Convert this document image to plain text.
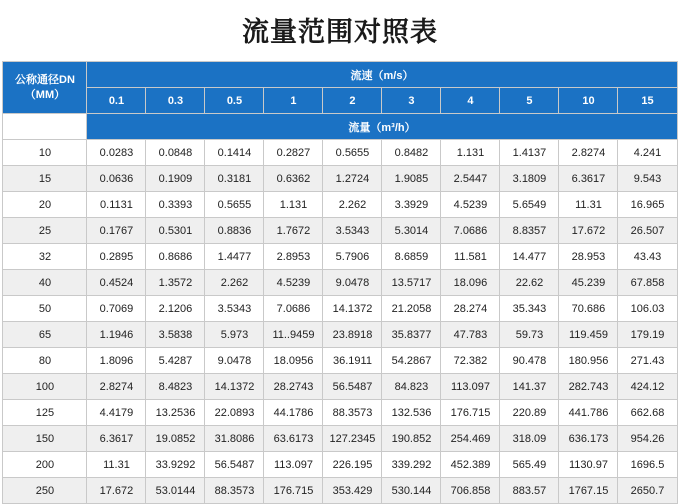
流量范围对照表
公称通径DN
（MM）	流速（m/s）									
	0.1	0.3	0.5	1	2	3	4	5	10	15
	流量（m³/h）									
10	0.0283	0.0848	0.1414	0.2827	0.5655	0.8482	1.131	1.4137	2.8274	4.241
15	0.0636	0.1909	0.3181	0.6362	1.2724	1.9085	2.5447	3.1809	6.3617	9.543
20	0.1131	0.3393	0.5655	1.131	2.262	3.3929	4.5239	5.6549	11.31	16.965
25	0.1767	0.5301	0.8836	1.7672	3.5343	5.3014	7.0686	8.8357	17.672	26.507
32	0.2895	0.8686	1.4477	2.8953	5.7906	8.6859	11.581	14.477	28.953	43.43
40	0.4524	1.3572	2.262	4.5239	9.0478	13.5717	18.096	22.62	45.239	67.858
50	0.7069	2.1206	3.5343	7.0686	14.1372	21.2058	28.274	35.343	70.686	106.03
65	1.1946	3.5838	5.973	11..9459	23.8918	35.8377	47.783	59.73	119.459	179.19
80	1.8096	5.4287	9.0478	18.0956	36.1911	54.2867	72.382	90.478	180.956	271.43
100	2.8274	8.4823	14.1372	28.2743	56.5487	84.823	113.097	141.37	282.743	424.12
125	4.4179	13.2536	22.0893	44.1786	88.3573	132.536	176.715	220.89	441.786	662.68
150	6.3617	19.0852	31.8086	63.6173	127.2345	190.852	254.469	318.09	636.173	954.26
200	11.31	33.9292	56.5487	113.097	226.195	339.292	452.389	565.49	1130.97	1696.5
250	17.672	53.0144	88.3573	176.715	353.429	530.144	706.858	883.57	1767.15	2650.7
